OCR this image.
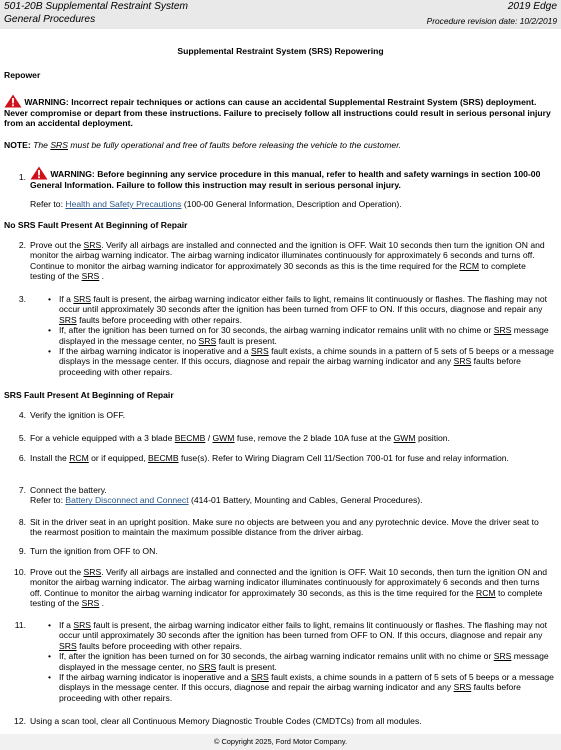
501-20B Supplemental Restraint System
General Procedures
2019 Edge
Procedure revision date: 10/2/2019
Supplemental Restraint System (SRS) Repowering
Repower
WARNING: Incorrect repair techniques or actions can cause an accidental Supplemental Restraint System (SRS) deployment. Never compromise or depart from these instructions. Failure to precisely follow all instructions could result in serious personal injury from an accidental deployment.
NOTE: The SRS must be fully operational and free of faults before releasing the vehicle to the customer.
1.	WARNING: Before beginning any service procedure in this manual, refer to health and safety warnings in section 100-00 General Information. Failure to follow this instruction may result in serious personal injury.
Refer to: Health and Safety Precautions (100-00 General Information, Description and Operation).
No SRS Fault Present At Beginning of Repair
2. Prove out the SRS. Verify all airbags are installed and connected and the ignition is OFF. Wait 10 seconds then turn the ignition ON and monitor the airbag warning indicator. The airbag warning indicator illuminates continuously for approximately 6 seconds and turns off. Continue to monitor the airbag warning indicator for approximately 30 seconds as this is the time required for the RCM to complete testing of the SRS .
3.	• If a SRS fault is present, the airbag warning indicator either fails to light, remains lit continuously or flashes. The flashing may not occur until approximately 30 seconds after the ignition has been turned from OFF to ON. If this occurs, diagnose and repair any SRS faults before proceeding with other repairs.
• If, after the ignition has been turned on for 30 seconds, the airbag warning indicator remains unlit with no chime or SRS message displayed in the message center, no SRS fault is present.
• If the airbag warning indicator is inoperative and a SRS fault exists, a chime sounds in a pattern of 5 sets of 5 beeps or a message displays in the message center. If this occurs, diagnose and repair the airbag warning indicator and any SRS faults before proceeding with other repairs.
SRS Fault Present At Beginning of Repair
4. Verify the ignition is OFF.
5. For a vehicle equipped with a 3 blade BECMB / GWM fuse, remove the 2 blade 10A fuse at the GWM position.
6. Install the RCM or if equipped, BECMB fuse(s). Refer to Wiring Diagram Cell 11/Section 700-01 for fuse and relay information.
7. Connect the battery.
Refer to: Battery Disconnect and Connect (414-01 Battery, Mounting and Cables, General Procedures).
8. Sit in the driver seat in an upright position. Make sure no objects are between you and any pyrotechnic device. Move the driver seat to the rearmost position to maintain the maximum possible distance from the driver airbag.
9. Turn the ignition from OFF to ON.
10. Prove out the SRS. Verify all airbags are installed and connected and the ignition is OFF. Wait 10 seconds, then turn the ignition ON and monitor the airbag warning indicator. The airbag warning indicator illuminates continuously for approximately 6 seconds and then turns off. Continue to monitor the airbag warning indicator for approximately 30 seconds, as this is the time required for the RCM to complete testing of the SRS .
11.	• If a SRS fault is present, the airbag warning indicator either fails to light, remains lit continuously or flashes. The flashing may not occur until approximately 30 seconds after the ignition has been turned from OFF to ON. If this occurs, diagnose and repair any SRS faults before proceeding with other repairs.
• If, after the ignition has been turned on for 30 seconds, the airbag warning indicator remains unlit with no chime or SRS message displayed in the message center, no SRS fault is present.
• If the airbag warning indicator is inoperative and a SRS fault exists, a chime sounds in a pattern of 5 sets of 5 beeps or a message displays in the message center. If this occurs, diagnose and repair the airbag warning indicator and any SRS faults before proceeding with other repairs.
12. Using a scan tool, clear all Continuous Memory Diagnostic Trouble Codes (CMDTCs) from all modules.
© Copyright 2025, Ford Motor Company.
